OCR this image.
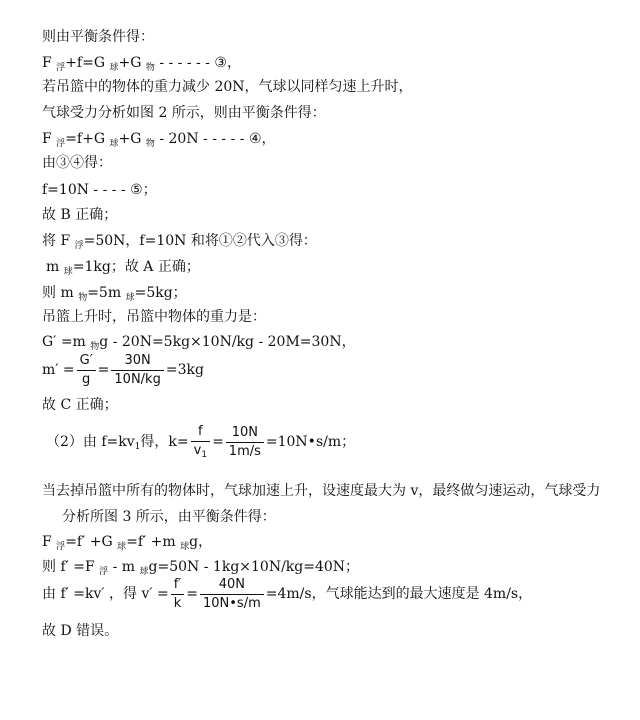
则由平衡条件得：
F $_浮$+f=G $_球$+G $_物$ - - - - - - ③，
若吊篮中的物体的重力减少 20N，气球以同样匀速上升时，
气球受力分析如图 2 所示，则由平衡条件得：
F $_浮$=f+G $_球$+G $_物$ - 20N - - - - - ④，
由③④得：
f=10N - - - - ⑤；
故 B 正确；
将 F $_浮$=50N，f=10N 和将①②代入③得：
m $_球$=1kg；故 A 正确；
则 m $_物$=5m $_球$=5kg；
吊篮上升时，吊篮中物体的重力是：
G′ =m $_物$g - 20N=5kg×10N/kg - 20M=30N，
$m' = \frac{G'}{g} = \frac{30N}{10N/kg} =3kg$
故 C 正确；
（2）由 $f=kv_1$得，$k= \frac{f}{v_1} = \frac{10N}{1m/s}$ =10N•s/m；
当去掉吊篮中所有的物体时，气球加速上升，设速度最大为 v，最终做匀速运动，气球受力
分析所图 3 所示，由平衡条件得：
F $_浮$=f′ +G $_球$=f′ +m $_球$g，
则 f′ =F $_浮$ - m $_球$g=50N - 1kg×10N/kg=40N；
由 f′ =kv′ ，得 $v' = \frac{f'}{k} = \frac{40N}{10N•s/m} =4m/s$，气球能达到的最大速度是 4m/s，
故 D 错误。
